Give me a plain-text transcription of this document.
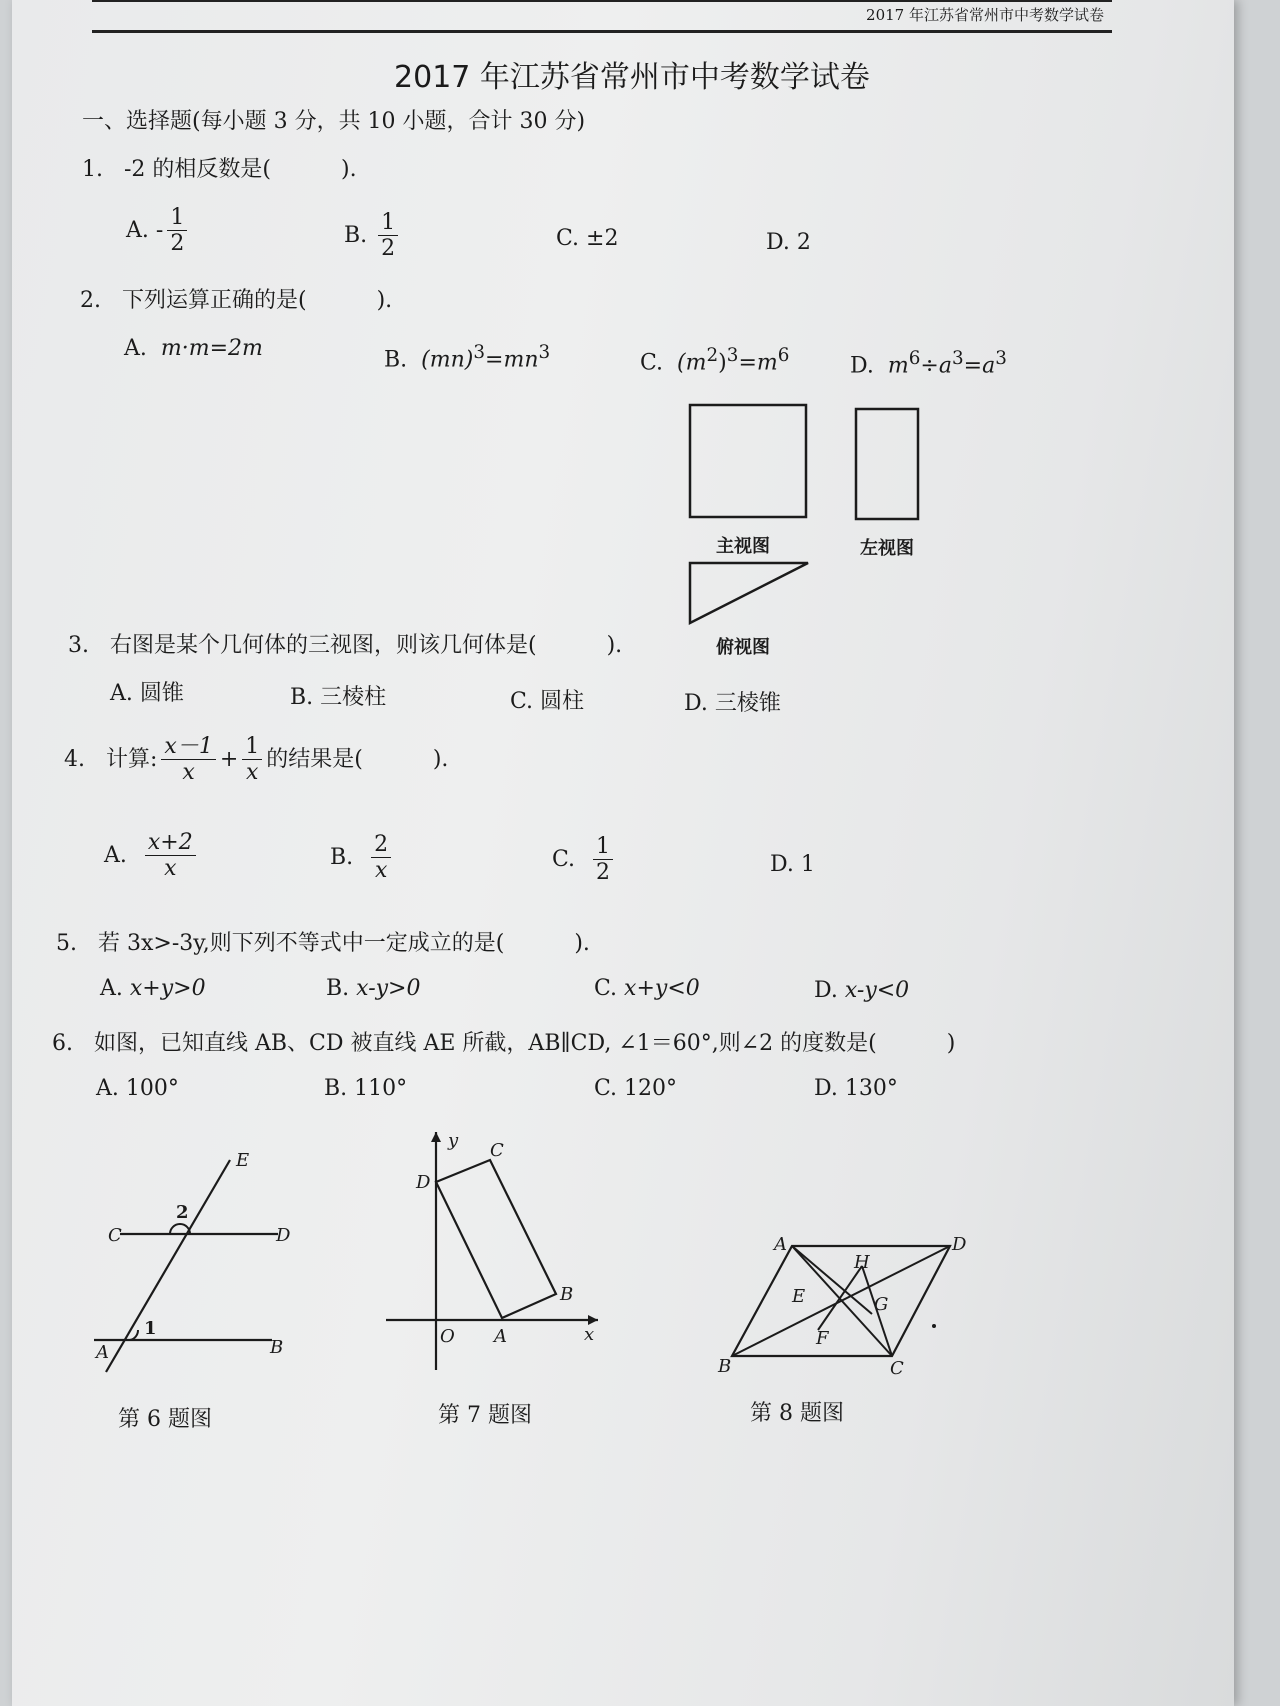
2017 年江苏省常州市中考数学试卷
2017 年江苏省常州市中考数学试卷
一、选择题(每小题 3 分，共 10 小题，合计 30 分)
1. -2 的相反数是(	).
A. - $\frac{1}{2}$	B. $\frac{1}{2}$	C. ±2	D. 2
2. 下列运算正确的是(	).
A. m·m=2m	B. $(mn)^3=mn^3$	C. $(m^2)^3=m^6$	D. $m^6\div a^3=a^3$
主视图	左视图
俯视图
3. 右图是某个几何体的三视图，则该几何体是(	).
A. 圆锥	B. 三棱柱	C. 圆柱	D. 三棱锥
4. 计算: $\frac{x-1}{x} + \frac{1}{x}$ 的结果是(	).
A. $\frac{x+2}{x}$	B. $\frac{2}{x}$	C. $\frac{1}{2}$	D. 1
5. 若 3x>-3y,则下列不等式中一定成立的是(	).
A. x+y>0	B. x-y>0	C. x+y<0	D. x-y<0
6. 如图，已知直线 AB、CD 被直线 AE 所截，AB∥CD, ∠1＝60°,则∠2 的度数是(	)
A. 100°	B. 110°	C. 120°	D. 130°
E
C	D
A	B
1
2
第 6 题图
y C
D
B
O A	x
第 7 题图
A	D
H
E	G
F
B	C
第 8 题图
